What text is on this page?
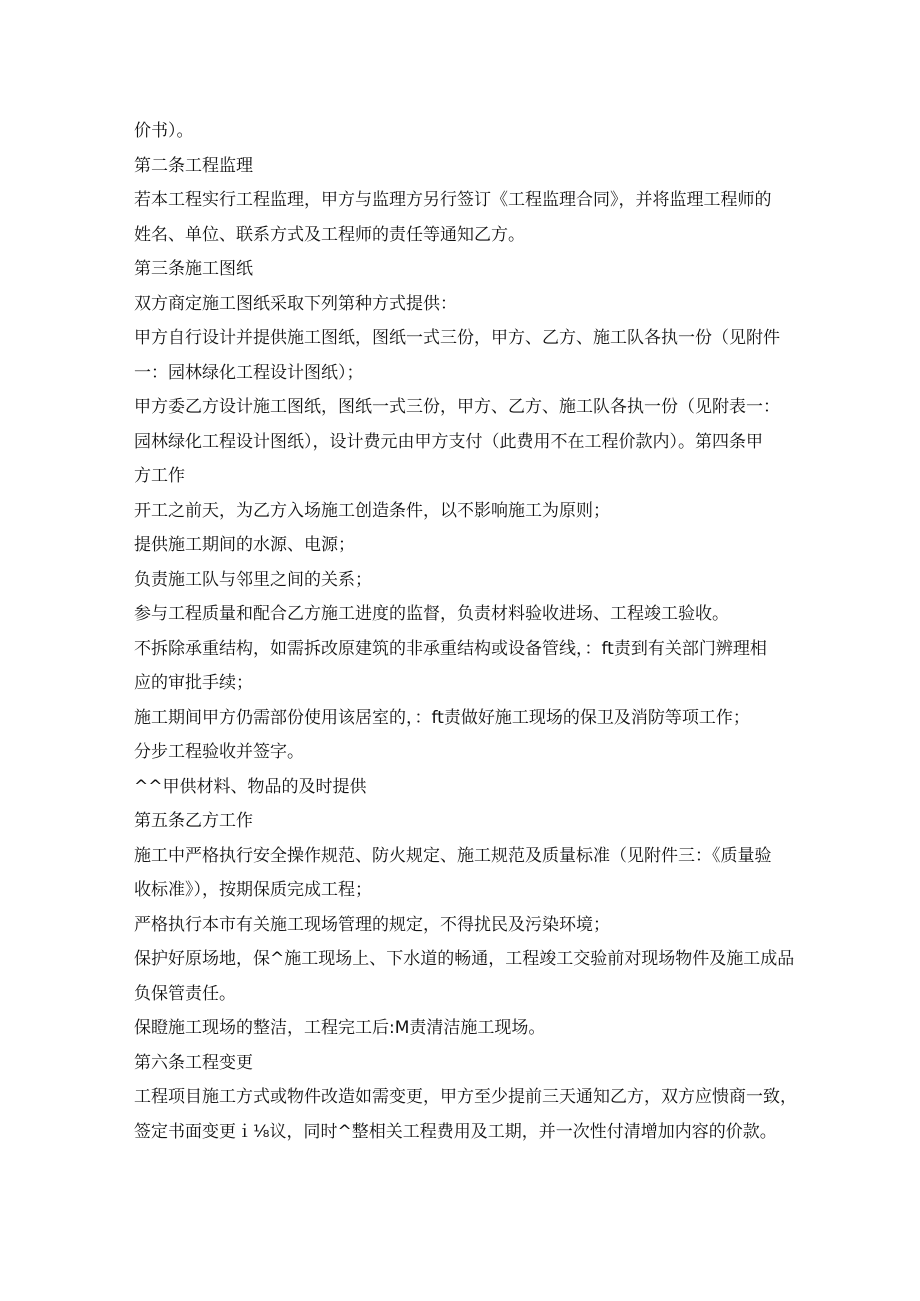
价书）。
第二条工程监理
若本工程实行工程监理，甲方与监理方另行签订《工程监理合同》，并将监理工程师的
姓名、单位、联系方式及工程师的责任等通知乙方。
第三条施工图纸
双方商定施工图纸采取下列第种方式提供：
甲方自行设计并提供施工图纸，图纸一式三份，甲方、乙方、施工队各执一份（见附件
一：园林绿化工程设计图纸）；
甲方委乙方设计施工图纸，图纸一式三份，甲方、乙方、施工队各执一份（见附表一：
园林绿化工程设计图纸），设计费元由甲方支付（此费用不在工程价款内）。第四条甲
方工作
开工之前天，为乙方入场施工创造条件，以不影响施工为原则；
提供施工期间的水源、电源；
负责施工队与邻里之间的关系；
参与工程质量和配合乙方施工进度的监督，负责材料验收进场、工程竣工验收。
不拆除承重结构，如需拆改原建筑的非承重结构或设备管线，：ft责到有关部门辨理相
应的审批手续；
施工期间甲方仍需部份使用该居室的，：ft责做好施工现场的保卫及消防等项工作；
分步工程验收并签字。
^^甲供材料、物品的及时提供
第五条乙方工作
施工中严格执行安全操作规范、防火规定、施工规范及质量标准（见附件三：《质量验
收标准》），按期保质完成工程；
严格执行本市有关施工现场管理的规定，不得扰民及污染环境；
保护好原场地，保^施工现场上、下水道的畅通，工程竣工交验前对现场物件及施工成品
负保管责任。
保瞪施工现场的整洁，工程完工后:M责清洁施工现场。
第六条工程变更
工程项目施工方式或物件改造如需变更，甲方至少提前三天通知乙方，双方应愦商一致，
签定书面变更ｉ⅛议，同时^整相关工程费用及工期，并一次性付清增加内容的价款。
